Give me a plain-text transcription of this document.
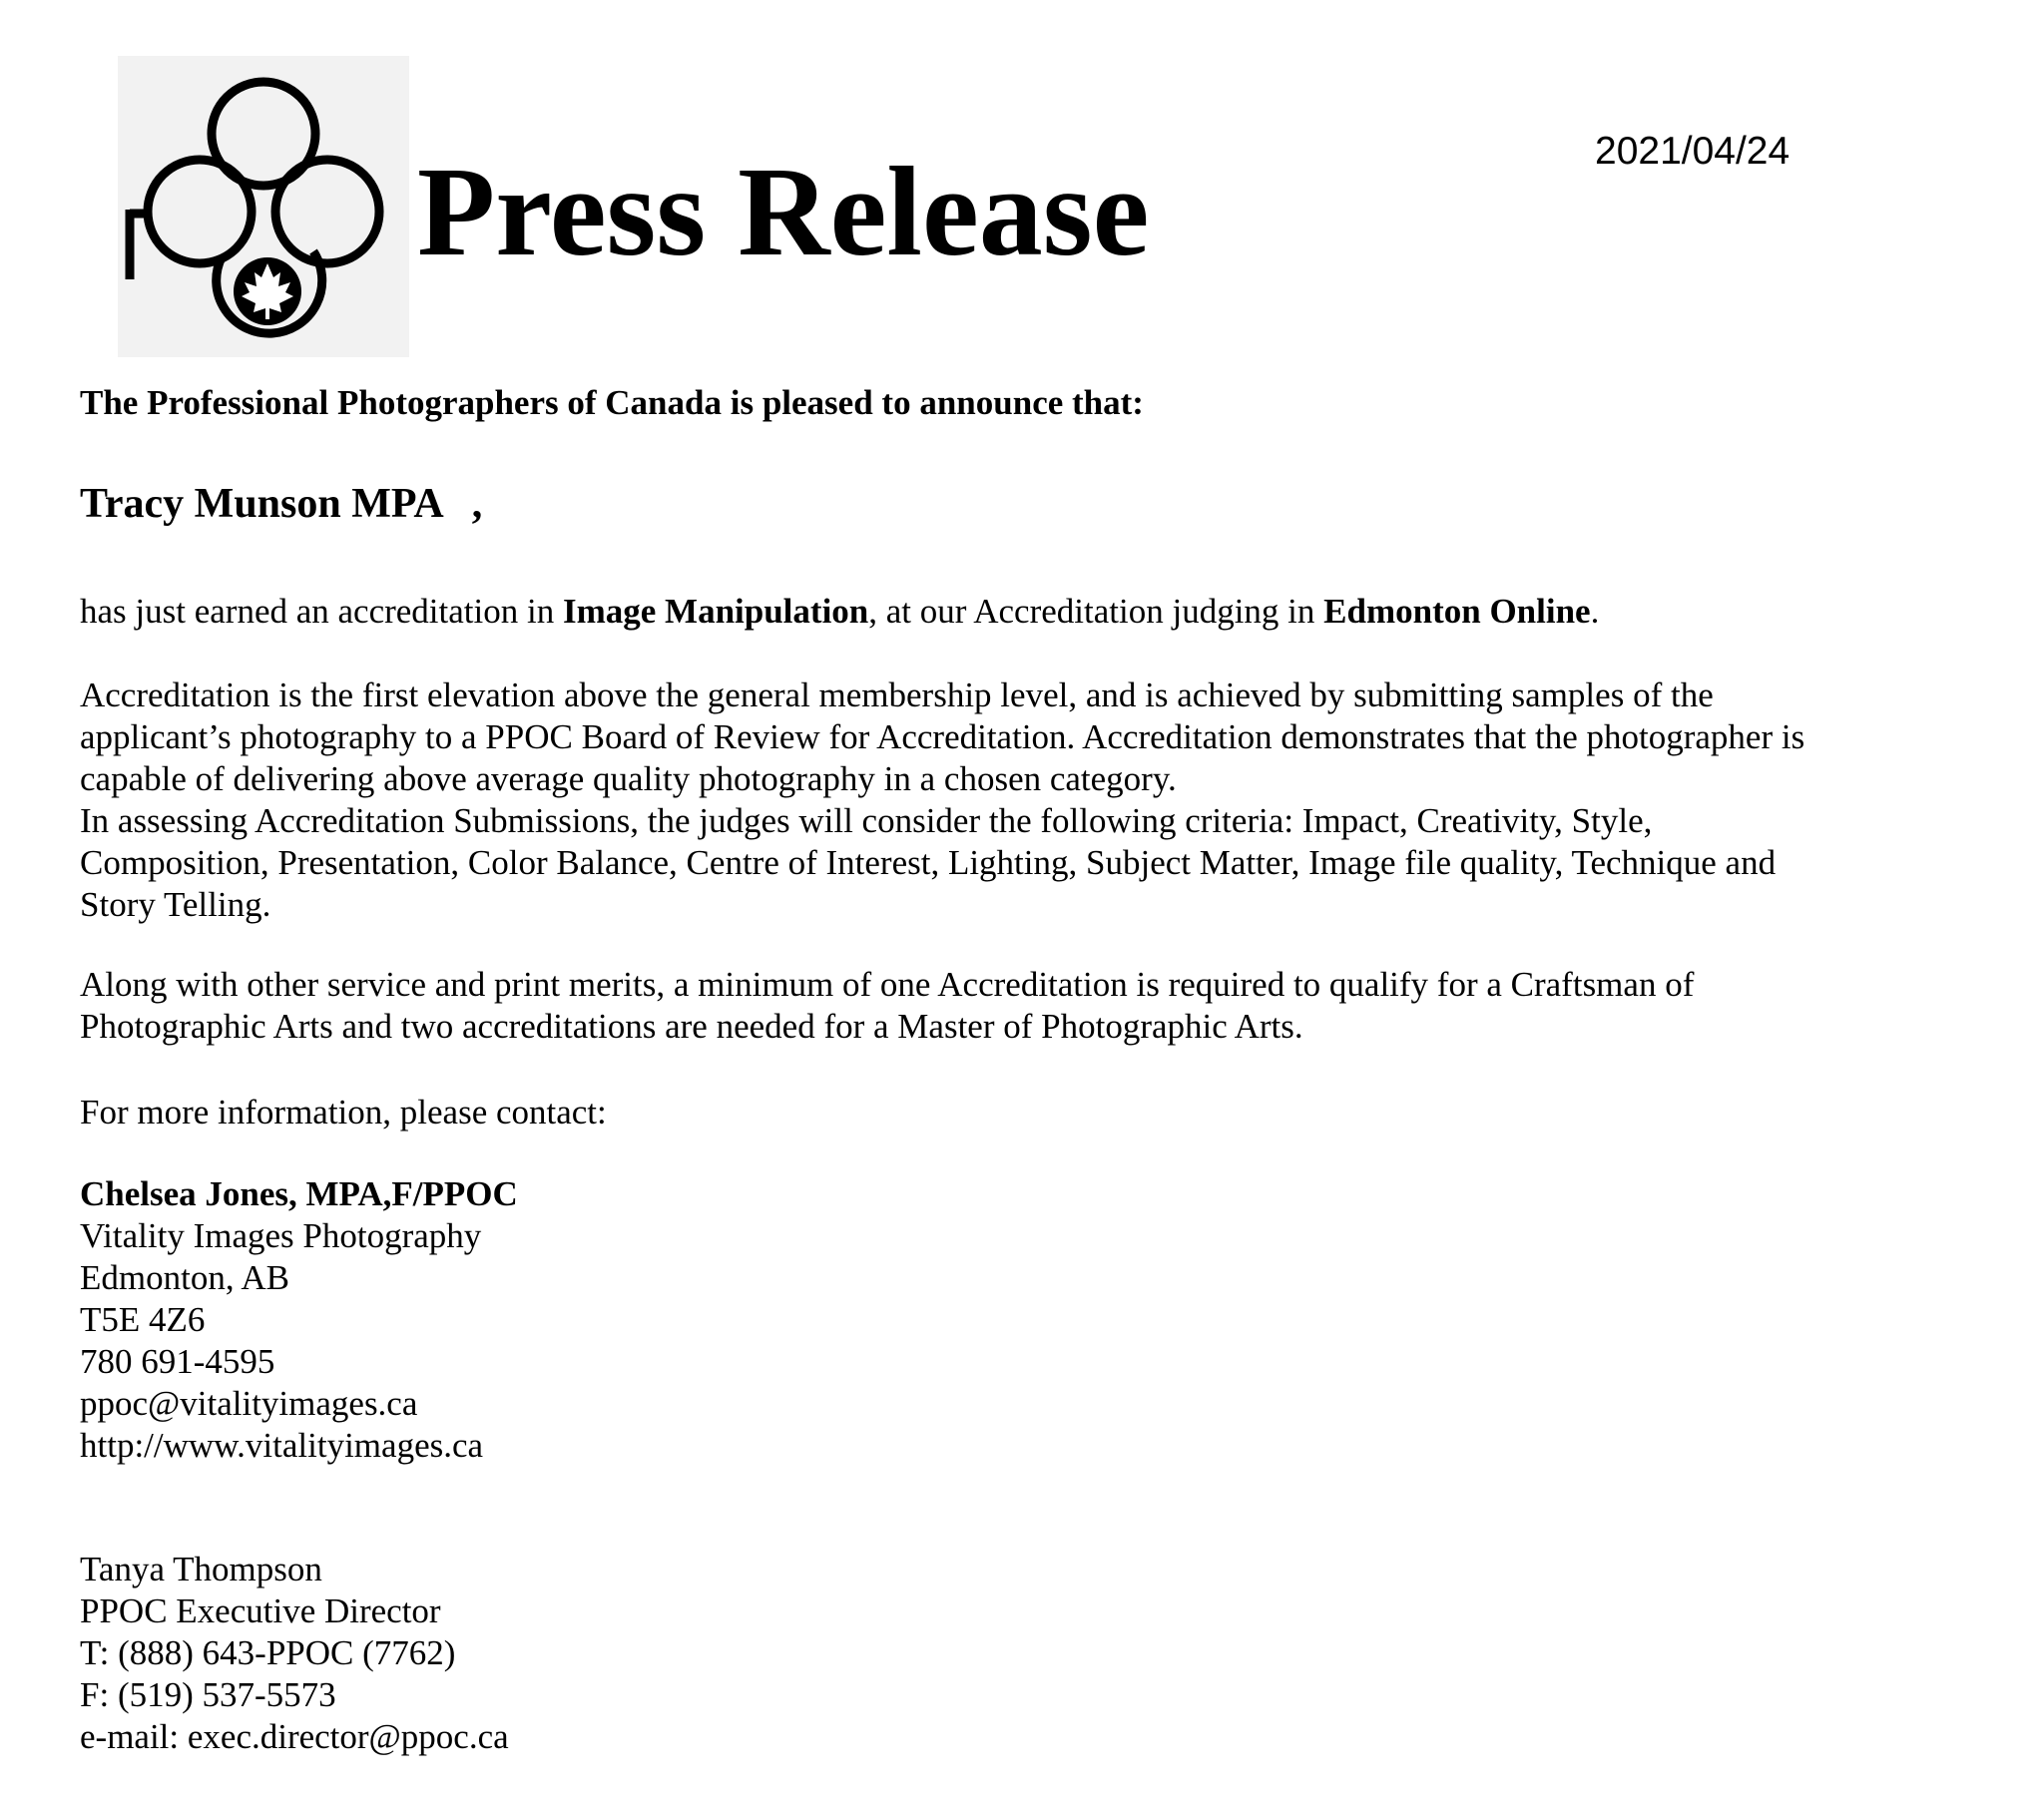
Press Release	2021/04/24
The Professional Photographers of Canada is pleased to announce that:
Tracy Munson MPA ,

has just earned an accreditation in Image Manipulation, at our Accreditation judging in Edmonton Online.

Accreditation is the first elevation above the general membership level, and is achieved by submitting samples of the

applicant’s photography to a PPOC Board of Review for Accreditation. Accreditation demonstrates that the photographer is

capable of delivering above average quality photography in a chosen category.

In assessing Accreditation Submissions, the judges will consider the following criteria: Impact, Creativity, Style,

Composition, Presentation, Color Balance, Centre of Interest, Lighting, Subject Matter, Image file quality, Technique and

Story Telling.

Along with other service and print merits, a minimum of one Accreditation is required to qualify for a Craftsman of

Photographic Arts and two accreditations are needed for a Master of Photographic Arts.

For more information, please contact:

Chelsea Jones, MPA,F/PPOC

Vitality Images Photography

Edmonton, AB

T5E 4Z6

780 691-4595

ppoc@vitalityimages.ca

http://www.vitalityimages.ca

Tanya Thompson

PPOC Executive Director

T: (888) 643-PPOC (7762)

F: (519) 537-5573

e-mail: exec.director@ppoc.ca
